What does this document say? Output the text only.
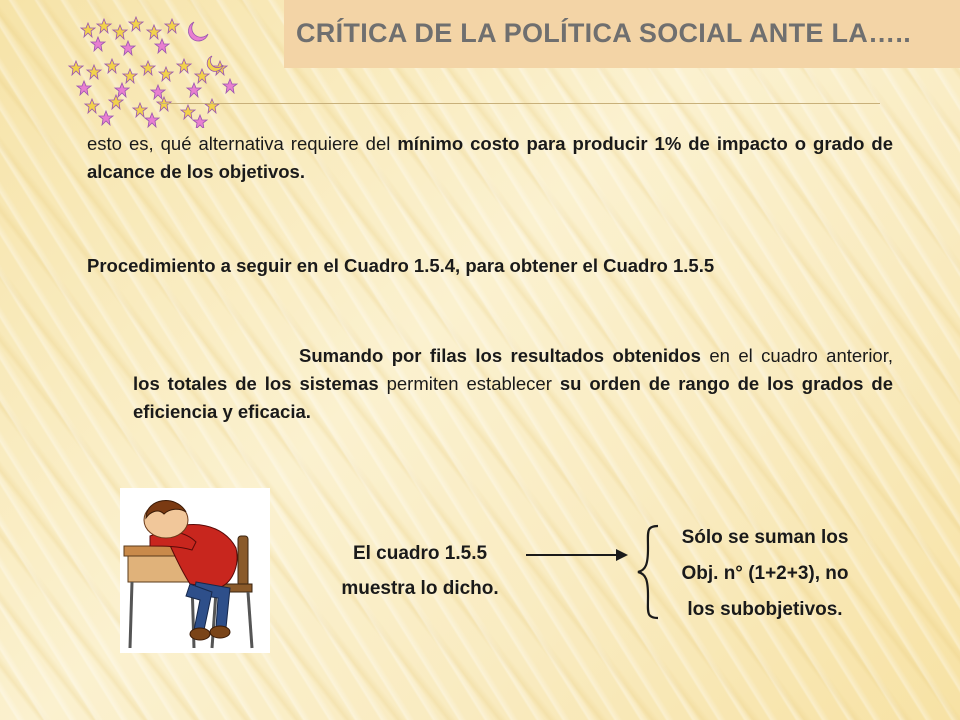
CRÍTICA DE LA POLÍTICA SOCIAL ANTE LA…..
esto es, qué alternativa requiere del mínimo costo para producir 1% de impacto o grado de alcance de los objetivos.
Procedimiento a seguir en el Cuadro 1.5.4, para obtener el Cuadro 1.5.5
Sumando por filas los resultados obtenidos en el cuadro anterior, los totales de los sistemas permiten establecer su orden de rango de los grados de eficiencia y eficacia.
El cuadro 1.5.5
muestra lo dicho.
Sólo se suman los
Obj. n° (1+2+3), no
los subobjetivos.
